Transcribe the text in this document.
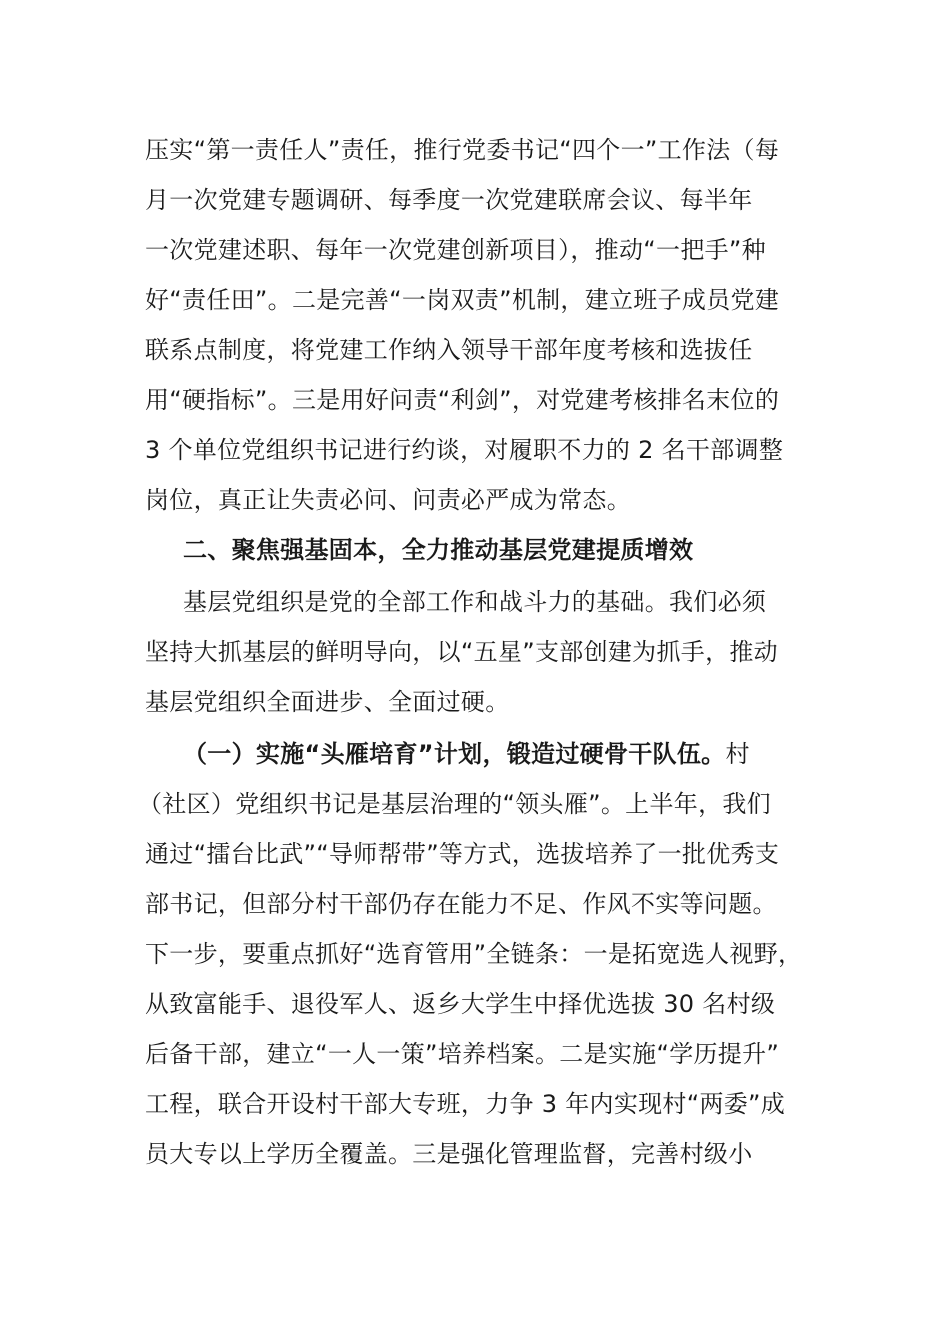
压实“第一责任人”责任，推行党委书记“四个一”工作法（每
月一次党建专题调研、每季度一次党建联席会议、每半年
一次党建述职、每年一次党建创新项目），推动“一把手”种
好“责任田”。二是完善“一岗双责”机制，建立班子成员党建
联系点制度，将党建工作纳入领导干部年度考核和选拔任
用“硬指标”。三是用好问责“利剑”，对党建考核排名末位的
3 个单位党组织书记进行约谈，对履职不力的 2 名干部调整
岗位，真正让失责必问、问责必严成为常态。
二、聚焦强基固本，全力推动基层党建提质增效
基层党组织是党的全部工作和战斗力的基础。我们必须
坚持大抓基层的鲜明导向，以“五星”支部创建为抓手，推动
基层党组织全面进步、全面过硬。
（一）实施“头雁培育”计划，锻造过硬骨干队伍。村
（社区）党组织书记是基层治理的“领头雁”。上半年，我们
通过“擂台比武”“导师帮带”等方式，选拔培养了一批优秀支
部书记，但部分村干部仍存在能力不足、作风不实等问题。
下一步，要重点抓好“选育管用”全链条：一是拓宽选人视野，
从致富能手、退役军人、返乡大学生中择优选拔 30 名村级
后备干部，建立“一人一策”培养档案。二是实施“学历提升”
工程，联合开设村干部大专班，力争 3 年内实现村“两委”成
员大专以上学历全覆盖。三是强化管理监督，完善村级小
